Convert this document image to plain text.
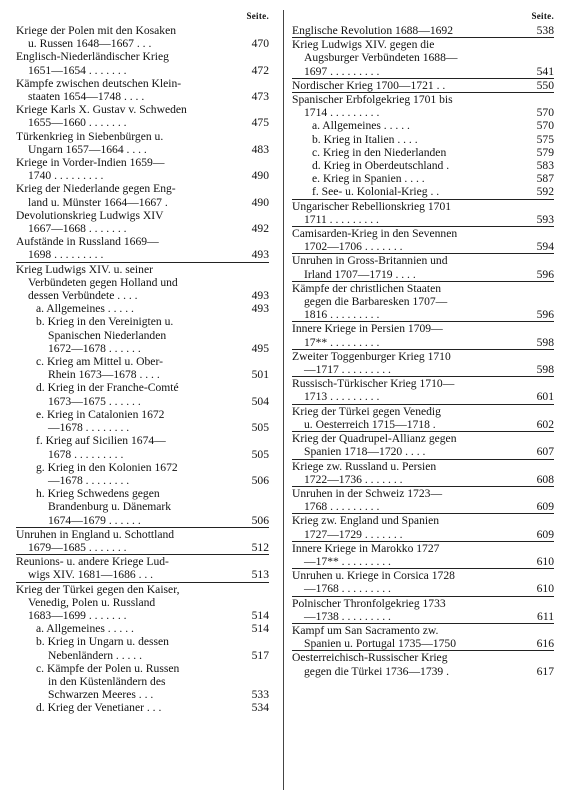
Seite.
Kriege der Polen mit den Kosaken
u. Russen 1648—1667 . . .	470
Englisch-Niederländischer Krieg
1651—1654 . . . . . . .	472
Kämpfe zwischen deutschen Klein-
staaten 1654—1748 . . . .	473
Kriege Karls X. Gustav v. Schweden
1655—1660 . . . . . . .	475
Türkenkrieg in Siebenbürgen u.
Ungarn 1657—1664 . . . .	483
Kriege in Vorder-Indien 1659—
1740 . . . . . . . . .	490
Krieg der Niederlande gegen Eng-
land u. Münster 1664—1667 .	490
Devolutionskrieg Ludwigs XIV
1667—1668 . . . . . . .	492
Aufstände in Russland 1669—
1698 . . . . . . . . .	493
Krieg Ludwigs XIV. u. seiner
Verbündeten gegen Holland und
dessen Verbündete . . . .	493
a. Allgemeines . . . . .	493
b. Krieg in den Vereinigten u.
Spanischen Niederlanden
1672—1678 . . . . . .	495
c. Krieg am Mittel u. Ober-
Rhein 1673—1678 . . . .	501
d. Krieg in der Franche-Comté
1673—1675 . . . . . .	504
e. Krieg in Catalonien 1672
—1678 . . . . . . . .	505
f. Krieg auf Sicilien 1674—
1678 . . . . . . . . .	505
g. Krieg in den Kolonien 1672
—1678 . . . . . . . .	506
h. Krieg Schwedens gegen
Brandenburg u. Dänemark
1674—1679 . . . . . .	506
Unruhen in England u. Schottland
1679—1685 . . . . . . .	512
Reunions- u. andere Kriege Lud-
wigs XIV. 1681—1686 . . .	513
Krieg der Türkei gegen den Kaiser,
Venedig, Polen u. Russland
1683—1699 . . . . . . .	514
a. Allgemeines . . . . .	514
b. Krieg in Ungarn u. dessen
Nebenländern . . . . .	517
c. Kämpfe der Polen u. Russen
in den Küstenländern des
Schwarzen Meeres . . .	533
d. Krieg der Venetianer . . .	534
Seite.
Englische Revolution 1688—1692	538
Krieg Ludwigs XIV. gegen die
Augsburger Verbündeten 1688—
1697 . . . . . . . . .	541
Nordischer Krieg 1700—1721 . .	550
Spanischer Erbfolgekrieg 1701 bis
1714 . . . . . . . . .	570
a. Allgemeines . . . . .	570
b. Krieg in Italien . . . .	575
c. Krieg in den Niederlanden	579
d. Krieg in Oberdeutschland .	583
e. Krieg in Spanien . . . .	587
f. See- u. Kolonial-Krieg . .	592
Ungarischer Rebellionskrieg 1701
1711 . . . . . . . . .	593
Camisarden-Krieg in den Sevennen
1702—1706 . . . . . . .	594
Unruhen in Gross-Britannien und
Irland 1707—1719 . . . .	596
Kämpfe der christlichen Staaten
gegen die Barbaresken 1707—
1816 . . . . . . . . .	596
Innere Kriege in Persien 1709—
17** . . . . . . . . .	598
Zweiter Toggenburger Krieg 1710
—1717 . . . . . . . . .	598
Russisch-Türkischer Krieg 1710—
1713 . . . . . . . . .	601
Krieg der Türkei gegen Venedig
u. Oesterreich 1715—1718 .	602
Krieg der Quadrupel-Allianz gegen
Spanien 1718—1720 . . . .	607
Kriege zw. Russland u. Persien
1722—1736 . . . . . . .	608
Unruhen in der Schweiz 1723—
1768 . . . . . . . . .	609
Krieg zw. England und Spanien
1727—1729 . . . . . . .	609
Innere Kriege in Marokko 1727
—17** . . . . . . . . .	610
Unruhen u. Kriege in Corsica 1728
—1768 . . . . . . . . .	610
Polnischer Thronfolgekrieg 1733
—1738 . . . . . . . . .	611
Kampf um San Sacramento zw.
Spanien u. Portugal 1735—1750	616
Oesterreichisch-Russischer Krieg
gegen die Türkei 1736—1739 .	617
